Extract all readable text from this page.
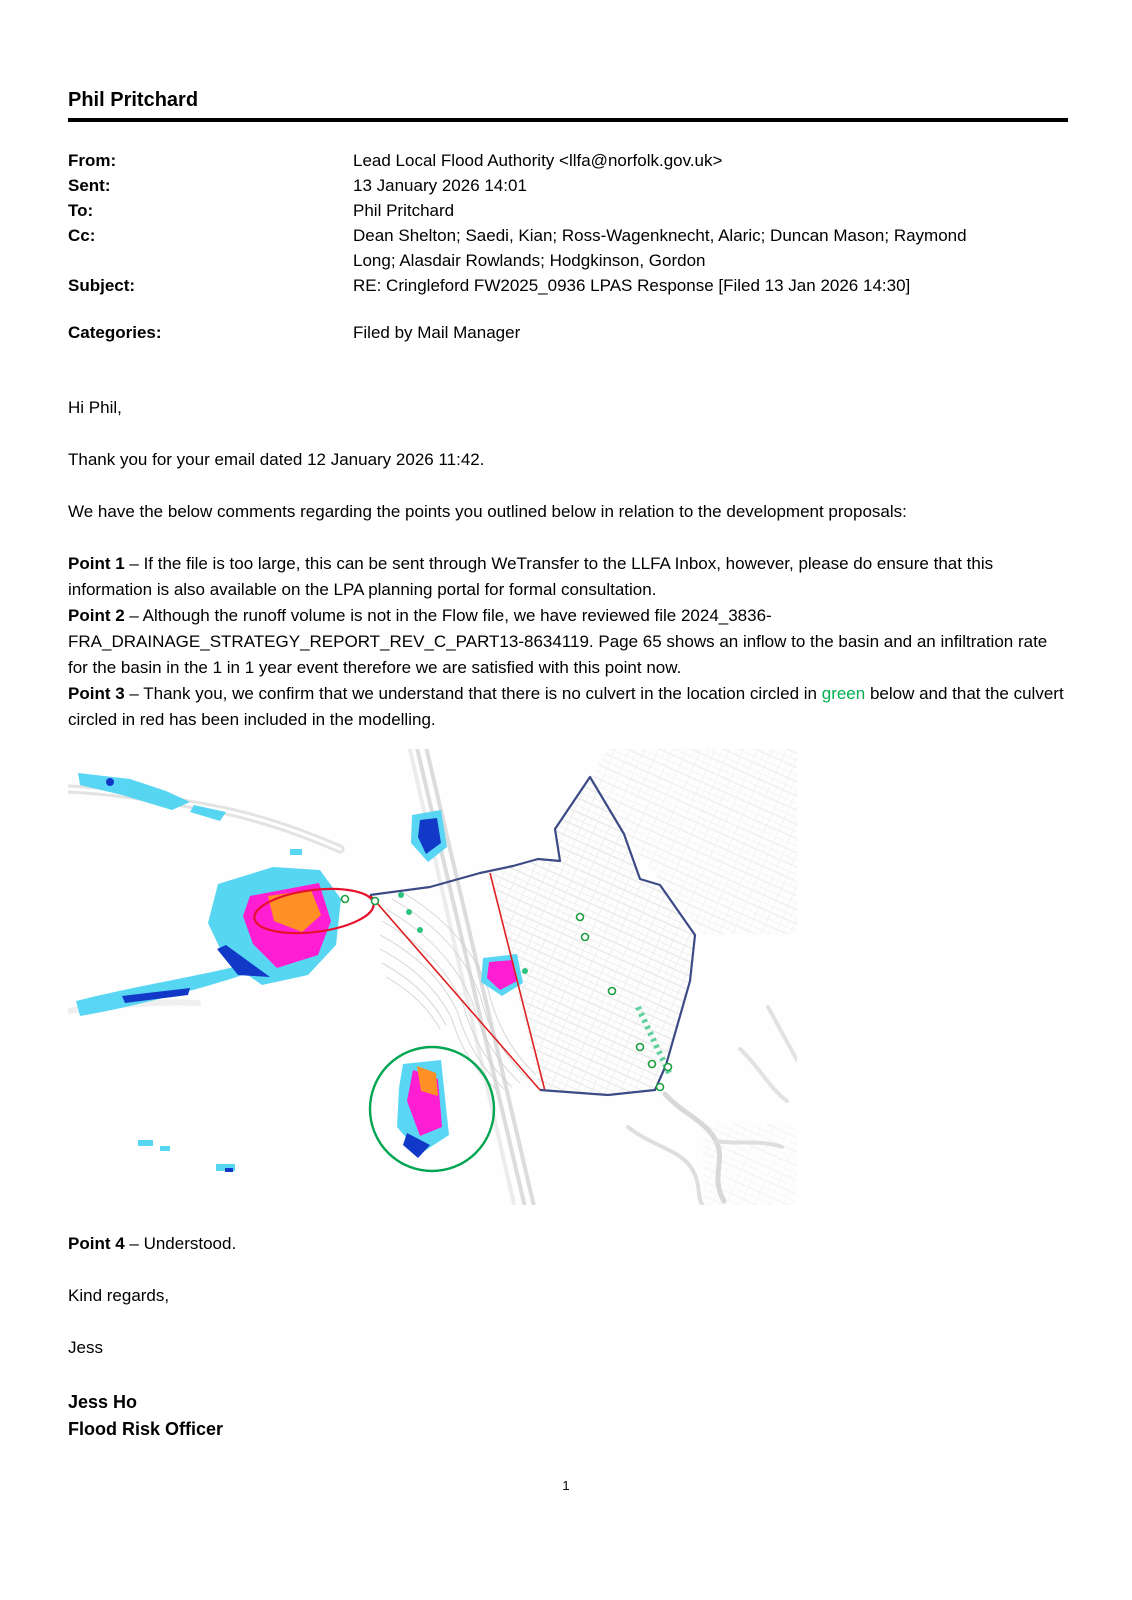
Phil Pritchard
From:	Lead Local Flood Authority <llfa@norfolk.gov.uk>
Sent:	13 January 2026 14:01
To:	Phil Pritchard
Cc:	Dean Shelton; Saedi, Kian; Ross-Wagenknecht, Alaric; Duncan Mason; Raymond Long; Alasdair Rowlands; Hodgkinson, Gordon
Subject:	RE: Cringleford FW2025_0936 LPAS Response [Filed 13 Jan 2026 14:30]
Categories:	Filed by Mail Manager

Hi Phil,

Thank you for your email dated 12 January 2026 11:42.

We have the below comments regarding the points you outlined below in relation to the development proposals:

Point 1 – If the file is too large, this can be sent through WeTransfer to the LLFA Inbox, however, please do ensure that this information is also available on the LPA planning portal for formal consultation.

Point 2 – Although the runoff volume is not in the Flow file, we have reviewed file 2024_3836-FRA_DRAINAGE_STRATEGY_REPORT_REV_C_PART13-8634119. Page 65 shows an inflow to the basin and an infiltration rate for the basin in the 1 in 1 year event therefore we are satisfied with this point now.

Point 3 – Thank you, we confirm that we understand that there is no culvert in the location circled in green below and that the culvert circled in red has been included in the modelling.

Point 4 – Understood.

Kind regards,

Jess

Jess Ho

Flood Risk Officer

1
